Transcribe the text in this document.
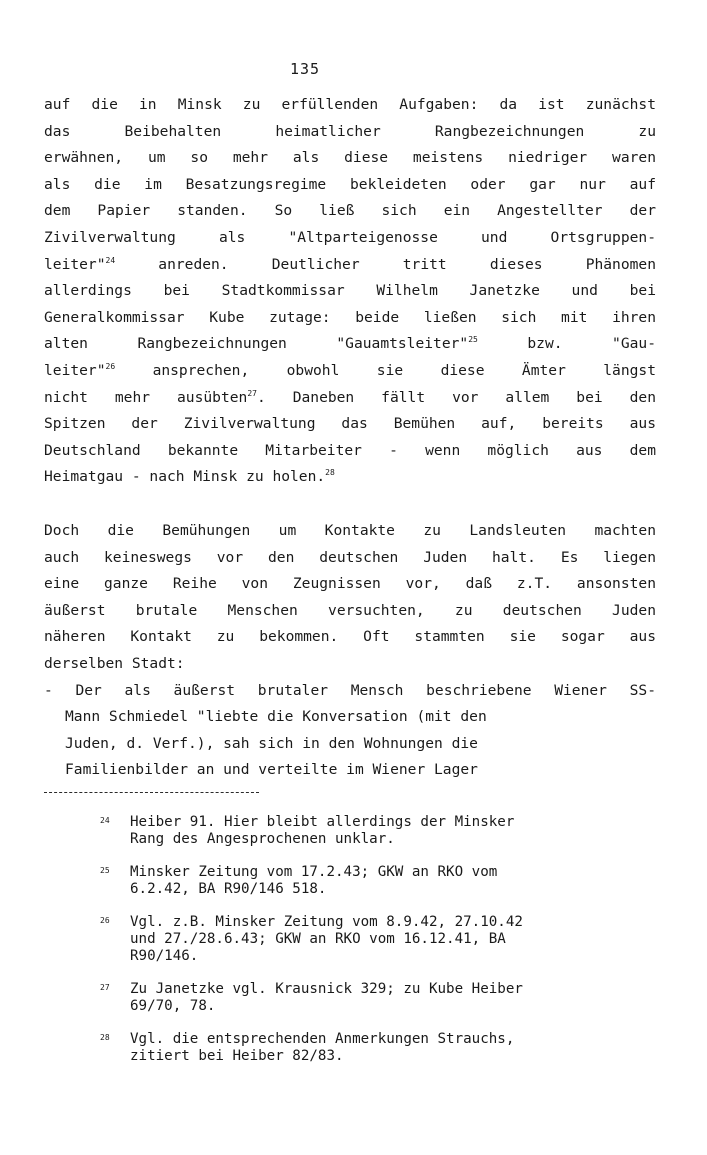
135
auf die in Minsk zu erfüllenden Aufgaben: da ist zunächst
das Beibehalten heimatlicher Rangbezeichnungen zu
erwähnen, um so mehr als diese meistens niedriger waren
als die im Besatzungsregime bekleideten oder gar nur auf
dem Papier standen. So ließ sich ein Angestellter der
Zivilverwaltung als "Altparteigenosse und Ortsgruppen-
leiter"$^{24}$ anreden. Deutlicher tritt dieses Phänomen
allerdings bei Stadtkommissar Wilhelm Janetzke und bei
Generalkommissar Kube zutage: beide ließen sich mit ihren
alten Rangbezeichnungen "Gauamtsleiter"$^{25}$ bzw. "Gau-
leiter"$^{26}$ ansprechen, obwohl sie diese Ämter längst
nicht mehr ausübten$^{27}$. Daneben fällt vor allem bei den
Spitzen der Zivilverwaltung das Bemühen auf, bereits aus
Deutschland bekannte Mitarbeiter - wenn möglich aus dem
Heimatgau - nach Minsk zu holen.$^{28}$
Doch die Bemühungen um Kontakte zu Landsleuten machten
auch keineswegs vor den deutschen Juden halt. Es liegen
eine ganze Reihe von Zeugnissen vor, daß z.T. ansonsten
äußerst brutale Menschen versuchten, zu deutschen Juden
näheren Kontakt zu bekommen. Oft stammten sie sogar aus
derselben Stadt:
- Der als äußerst brutaler Mensch beschriebene Wiener SS-
Mann Schmiedel "liebte die Konversation (mit den
Juden, d. Verf.), sah sich in den Wohnungen die
Familienbilder an und verteilte im Wiener Lager
24	Heiber 91. Hier bleibt allerdings der Minsker
Rang des Angesprochenen unklar.
25	Minsker Zeitung vom 17.2.43; GKW an RKO vom
6.2.42, BA R90/146 518.
26	Vgl. z.B. Minsker Zeitung vom 8.9.42, 27.10.42
und 27./28.6.43; GKW an RKO vom 16.12.41, BA
R90/146.
27	Zu Janetzke vgl. Krausnick 329; zu Kube Heiber
69/70, 78.
28	Vgl. die entsprechenden Anmerkungen Strauchs,
zitiert bei Heiber 82/83.
